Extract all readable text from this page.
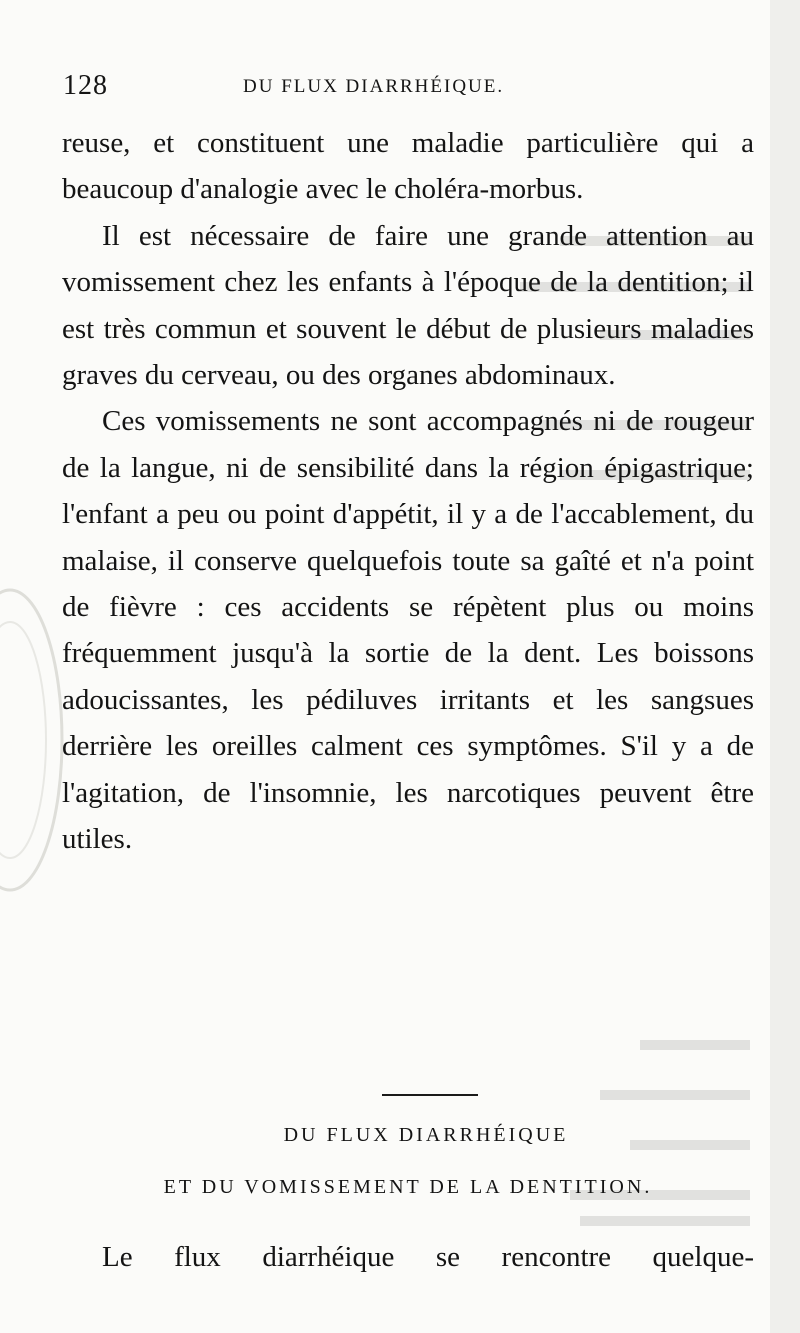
128	DU FLUX DIARRHÉIQUE.

reuse, et constituent une maladie particulière qui a beaucoup d'analogie avec le choléra-morbus.

Il est nécessaire de faire une grande attention au vomissement chez les enfants à l'époque de la dentition; il est très commun et souvent le début de plusieurs maladies graves du cerveau, ou des organes abdominaux.

Ces vomissements ne sont accompagnés ni de rougeur de la langue, ni de sensibilité dans la région épigastrique; l'enfant a peu ou point d'appétit, il y a de l'accablement, du malaise, il conserve quelquefois toute sa gaîté et n'a point de fièvre : ces accidents se répètent plus ou moins fréquemment jusqu'à la sortie de la dent. Les boissons adoucissantes, les pédiluves irritants et les sangsues derrière les oreilles calment ces symptômes. S'il y a de l'agitation, de l'insomnie, les narcotiques peuvent être utiles.

DU FLUX DIARRHÉIQUE
ET DU VOMISSEMENT DE LA DENTITION.

Le flux diarrhéique se rencontre quelque-
